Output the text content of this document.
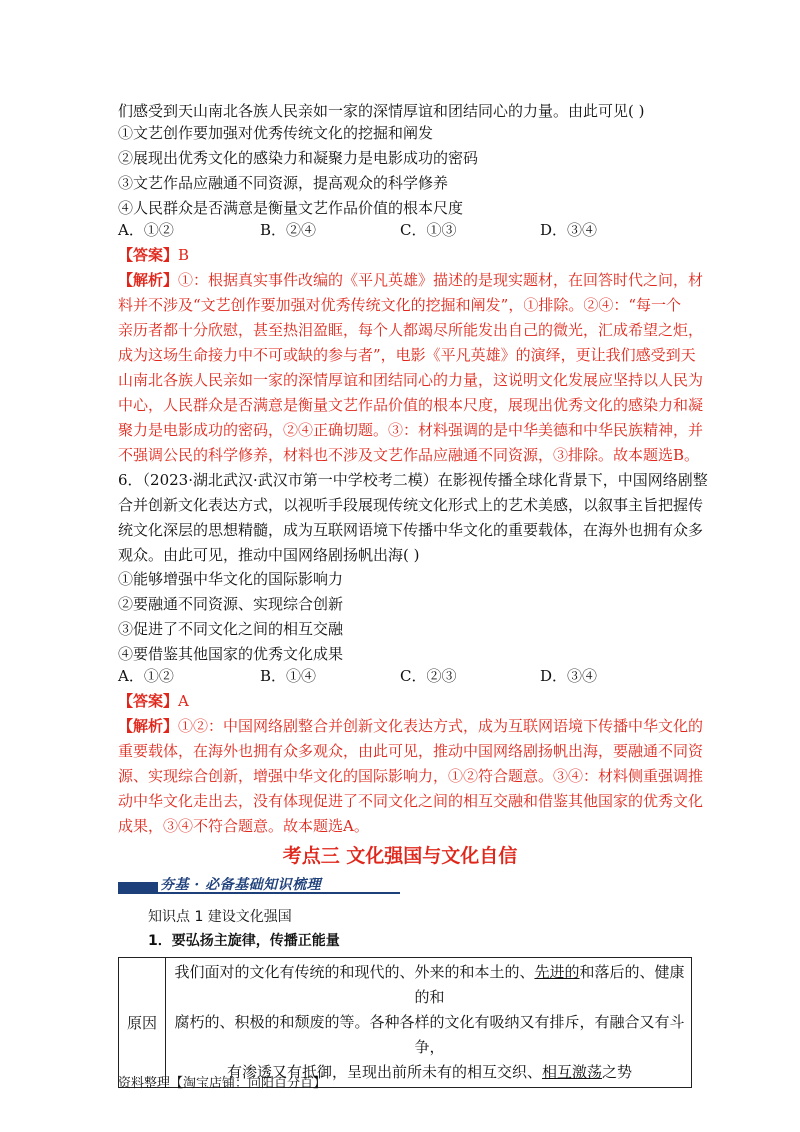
们感受到天山南北各族人民亲如一家的深情厚谊和团结同心的力量。由此可见( )
①文艺创作要加强对优秀传统文化的挖掘和阐发
②展现出优秀文化的感染力和凝聚力是电影成功的密码
③文艺作品应融通不同资源，提高观众的科学修养
④人民群众是否满意是衡量文艺作品价值的根本尺度
A．①②	B．②④	C．①③	D．③④
【答案】B
【解析】①：根据真实事件改编的《平凡英雄》描述的是现实题材，在回答时代之问，材
料并不涉及“文艺创作要加强对优秀传统文化的挖掘和阐发”，①排除。②④：“每一个
亲历者都十分欣慰，甚至热泪盈眶，每个人都竭尽所能发出自己的微光，汇成希望之炬，
成为这场生命接力中不可或缺的参与者”，电影《平凡英雄》的演绎，更让我们感受到天
山南北各族人民亲如一家的深情厚谊和团结同心的力量，这说明文化发展应坚持以人民为
中心，人民群众是否满意是衡量文艺作品价值的根本尺度，展现出优秀文化的感染力和凝
聚力是电影成功的密码，②④正确切题。③：材料强调的是中华美德和中华民族精神，并
不强调公民的科学修养，材料也不涉及文艺作品应融通不同资源，③排除。故本题选B。
6．（2023·湖北武汉·武汉市第一中学校考二模）在影视传播全球化背景下，中国网络剧整
合并创新文化表达方式，以视听手段展现传统文化形式上的艺术美感，以叙事主旨把握传
统文化深层的思想精髓，成为互联网语境下传播中华文化的重要载体，在海外也拥有众多
观众。由此可见，推动中国网络剧扬帆出海( )
①能够增强中华文化的国际影响力
②要融通不同资源、实现综合创新
③促进了不同文化之间的相互交融
④要借鉴其他国家的优秀文化成果
A．①②	B．①④	C．②③	D．③④
【答案】A
【解析】①②：中国网络剧整合并创新文化表达方式，成为互联网语境下传播中华文化的
重要载体，在海外也拥有众多观众，由此可见，推动中国网络剧扬帆出海，要融通不同资
源、实现综合创新，增强中华文化的国际影响力，①②符合题意。③④：材料侧重强调推
动中华文化走出去，没有体现促进了不同文化之间的相互交融和借鉴其他国家的优秀文化
成果，③④不符合题意。故本题选A。
考点三 文化强国与文化自信
夯基 · 必备基础知识梳理
知识点 1 建设文化强国
1．要弘扬主旋律，传播正能量
原因	
我们面对的文化有传统的和现代的、外来的和本土的、先进的和落后的、健康的和
腐朽的、积极的和颓废的等。各种各样的文化有吸纳又有排斥，有融合又有斗争，
有渗透又有抵御，呈现出前所未有的相互交织、相互激荡之势
资料整理【淘宝店铺：向阳百分百】
